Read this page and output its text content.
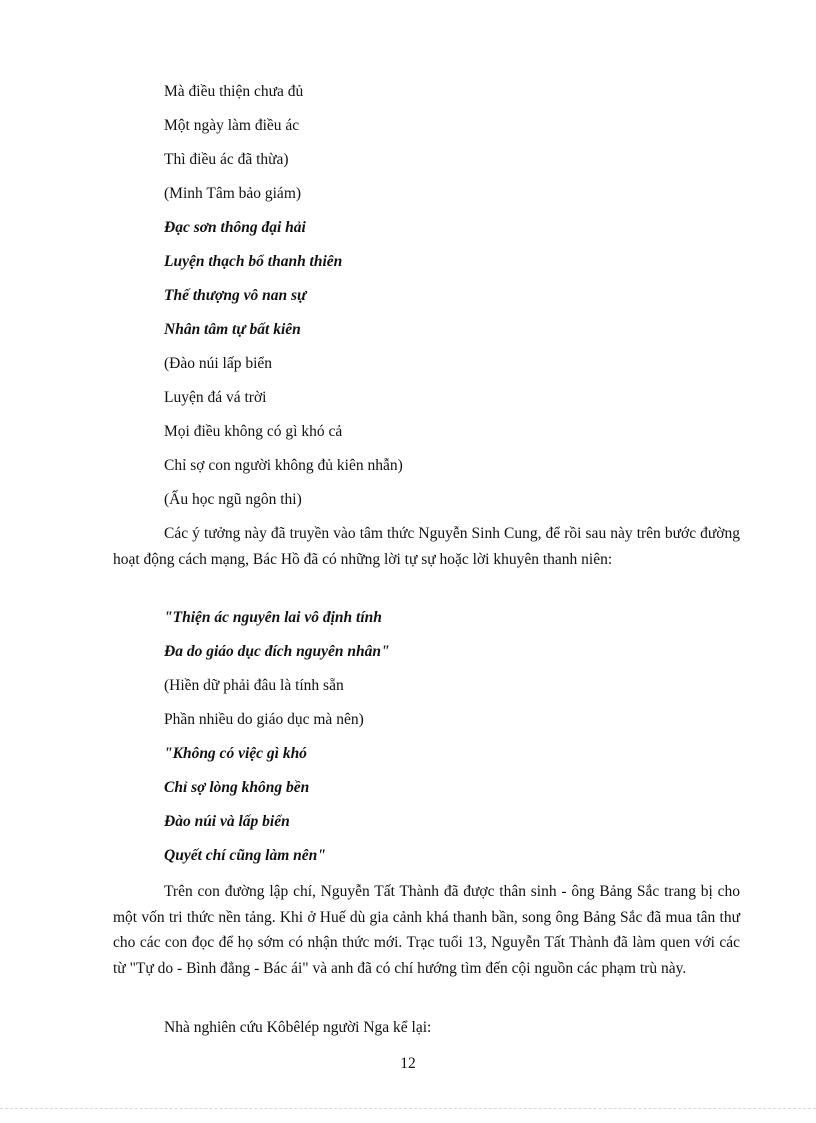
Mà điều thiện chưa đủ
Một ngày làm điều ác
Thì điều ác đã thừa)
(Minh Tâm bảo giám)
Đạc sơn thông đại hải
Luyện thạch bổ thanh thiên
Thế thượng vô nan sự
Nhân tâm tự bất kiên
(Đào núi lấp biển
Luyện đá vá trời
Mọi điều không có gì khó cả
Chỉ sợ con người không đủ kiên nhẫn)
(Ấu học ngũ ngôn thi)

Các ý tưởng này đã truyền vào tâm thức Nguyễn Sinh Cung, để rồi sau này trên bước đường hoạt động cách mạng, Bác Hồ đã có những lời tự sự hoặc lời khuyên thanh niên:

"Thiện ác nguyên lai vô định tính
Đa do giáo dục đích nguyên nhân"
(Hiền dữ phải đâu là tính sẵn
Phần nhiều do giáo dục mà nên)
"Không có việc gì khó
Chỉ sợ lòng không bền
Đào núi và lấp biển
Quyết chí cũng làm nên"

Trên con đường lập chí, Nguyễn Tất Thành đã được thân sinh - ông Bảng Sắc trang bị cho một vốn tri thức nền tảng. Khi ở Huế dù gia cảnh khá thanh bần, song ông Bảng Sắc đã mua tân thư cho các con đọc để họ sớm có nhận thức mới. Trạc tuổi 13, Nguyễn Tất Thành đã làm quen với các từ "Tự do - Bình đẳng - Bác ái" và anh đã có chí hướng tìm đến cội nguồn các phạm trù này.

Nhà nghiên cứu Kôbêlép người Nga kể lại:

12
